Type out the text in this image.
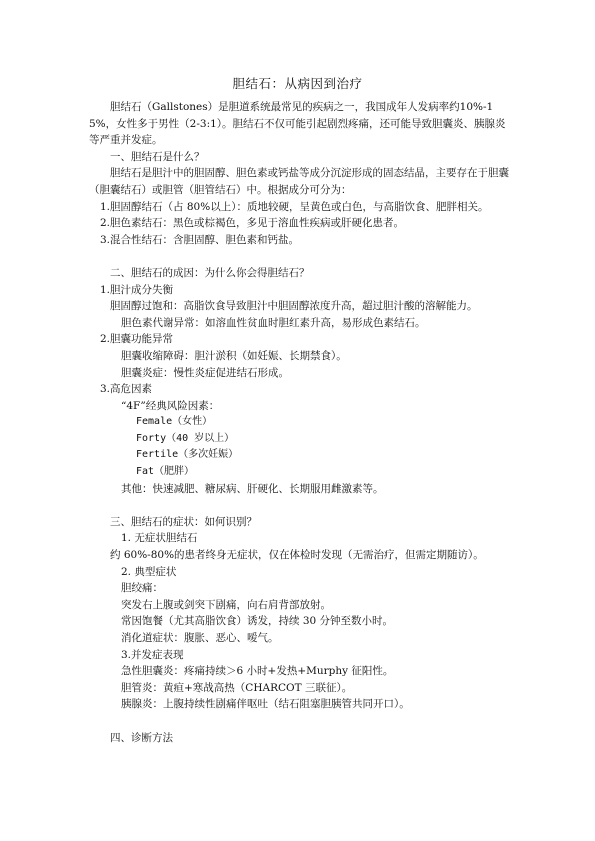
胆结石：从病因到治疗

胆结石（Gallstones）是胆道系统最常见的疾病之一，我国成年人发病率约10%-15%，女性多于男性（2-3:1）。胆结石不仅可能引起剧烈疼痛，还可能导致胆囊炎、胰腺炎等严重并发症。

一、胆结石是什么？

胆结石是胆汁中的胆固醇、胆色素或钙盐等成分沉淀形成的固态结晶，主要存在于胆囊（胆囊结石）或胆管（胆管结石）中。根据成分可分为：

1.胆固醇结石（占 80%以上）：质地较硬，呈黄色或白色，与高脂饮食、肥胖相关。

2.胆色素结石：黑色或棕褐色，多见于溶血性疾病或肝硬化患者。

3.混合性结石：含胆固醇、胆色素和钙盐。

二、胆结石的成因：为什么你会得胆结石？

1.胆汁成分失衡

胆固醇过饱和：高脂饮食导致胆汁中胆固醇浓度升高，超过胆汁酸的溶解能力。

胆色素代谢异常：如溶血性贫血时胆红素升高，易形成色素结石。

2.胆囊功能异常

胆囊收缩障碍：胆汁淤积（如妊娠、长期禁食）。

胆囊炎症：慢性炎症促进结石形成。

3.高危因素

“4F”经典风险因素：

Female（女性）

Forty（40 岁以上）

Fertile（多次妊娠）

Fat（肥胖）

其他：快速减肥、糖尿病、肝硬化、长期服用雌激素等。

三、胆结石的症状：如何识别？

1. 无症状胆结石

约 60%-80%的患者终身无症状，仅在体检时发现（无需治疗，但需定期随访）。

2. 典型症状

胆绞痛：

突发右上腹或剑突下剧痛，向右肩背部放射。

常因饱餐（尤其高脂饮食）诱发，持续 30 分钟至数小时。

消化道症状：腹胀、恶心、嗳气。

3.并发症表现

急性胆囊炎：疼痛持续＞6 小时+发热+Murphy 征阳性。

胆管炎：黄疸+寒战高热（CHARCOT 三联征）。

胰腺炎：上腹持续性剧痛伴呕吐（结石阻塞胆胰管共同开口）。

四、诊断方法
